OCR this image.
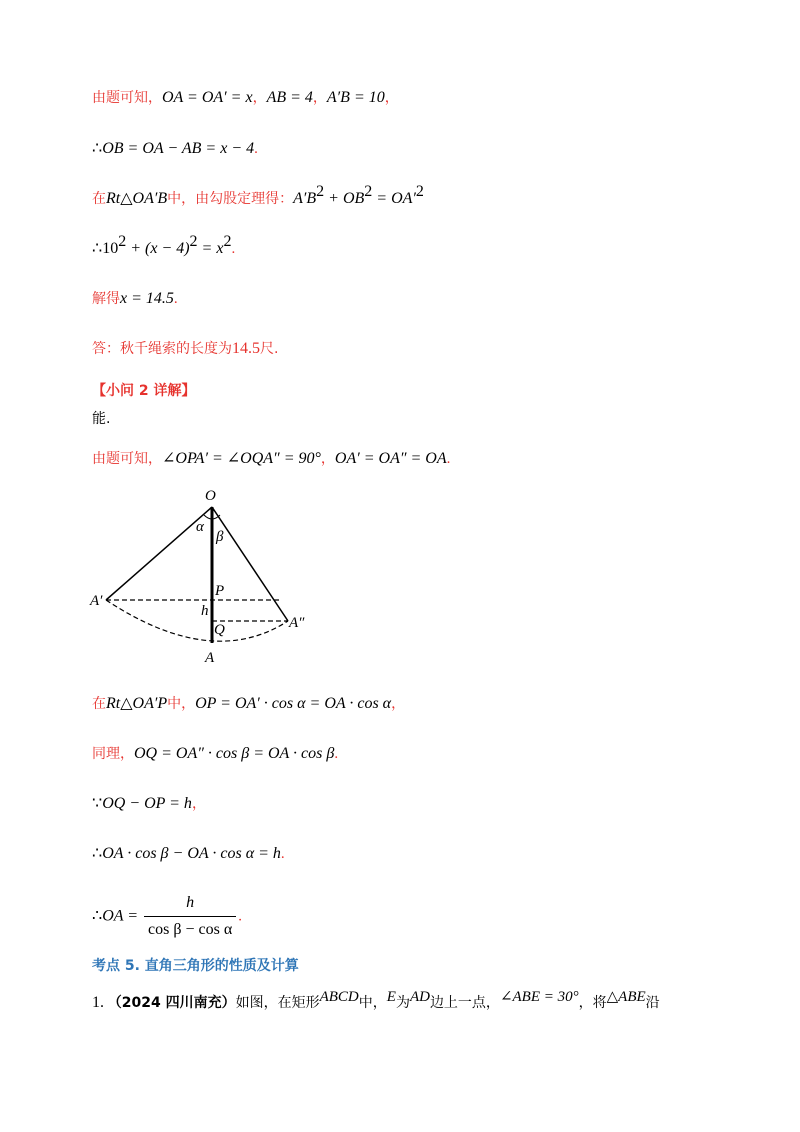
由题可知，OA = OA′ = x，AB = 4，A′B = 10，
∴OB = OA − AB = x − 4.
在Rt△OA′B中，由勾股定理得：$A'B^2 + OB^2 = OA'^2$
$\therefore 10^2 + (x - 4)^2 = x^2$.
解得x = 14.5.
答：秋千绳索的长度为14.5尺.
【小问 2 详解】
能.
由题可知，∠OPA′ = ∠OQA″ = 90°，OA′ = OA″ = OA.
O
α
β
P
h
Q
A
A′
A″
在Rt△OA′P中，OP = OA′ · cos α = OA · cos α，
同理，OQ = OA″ · cos β = OA · cos β.
∵OQ − OP = h，
∴OA · cos β − OA · cos α = h.
∴OA = $\frac{h}{\text{cos β − cos α}}$ .
考点 5. 直角三角形的性质及计算
1. （2024 四川南充）如图，在矩形ABCD中，E为AD边上一点，∠ABE = 30°，将△ABE沿
